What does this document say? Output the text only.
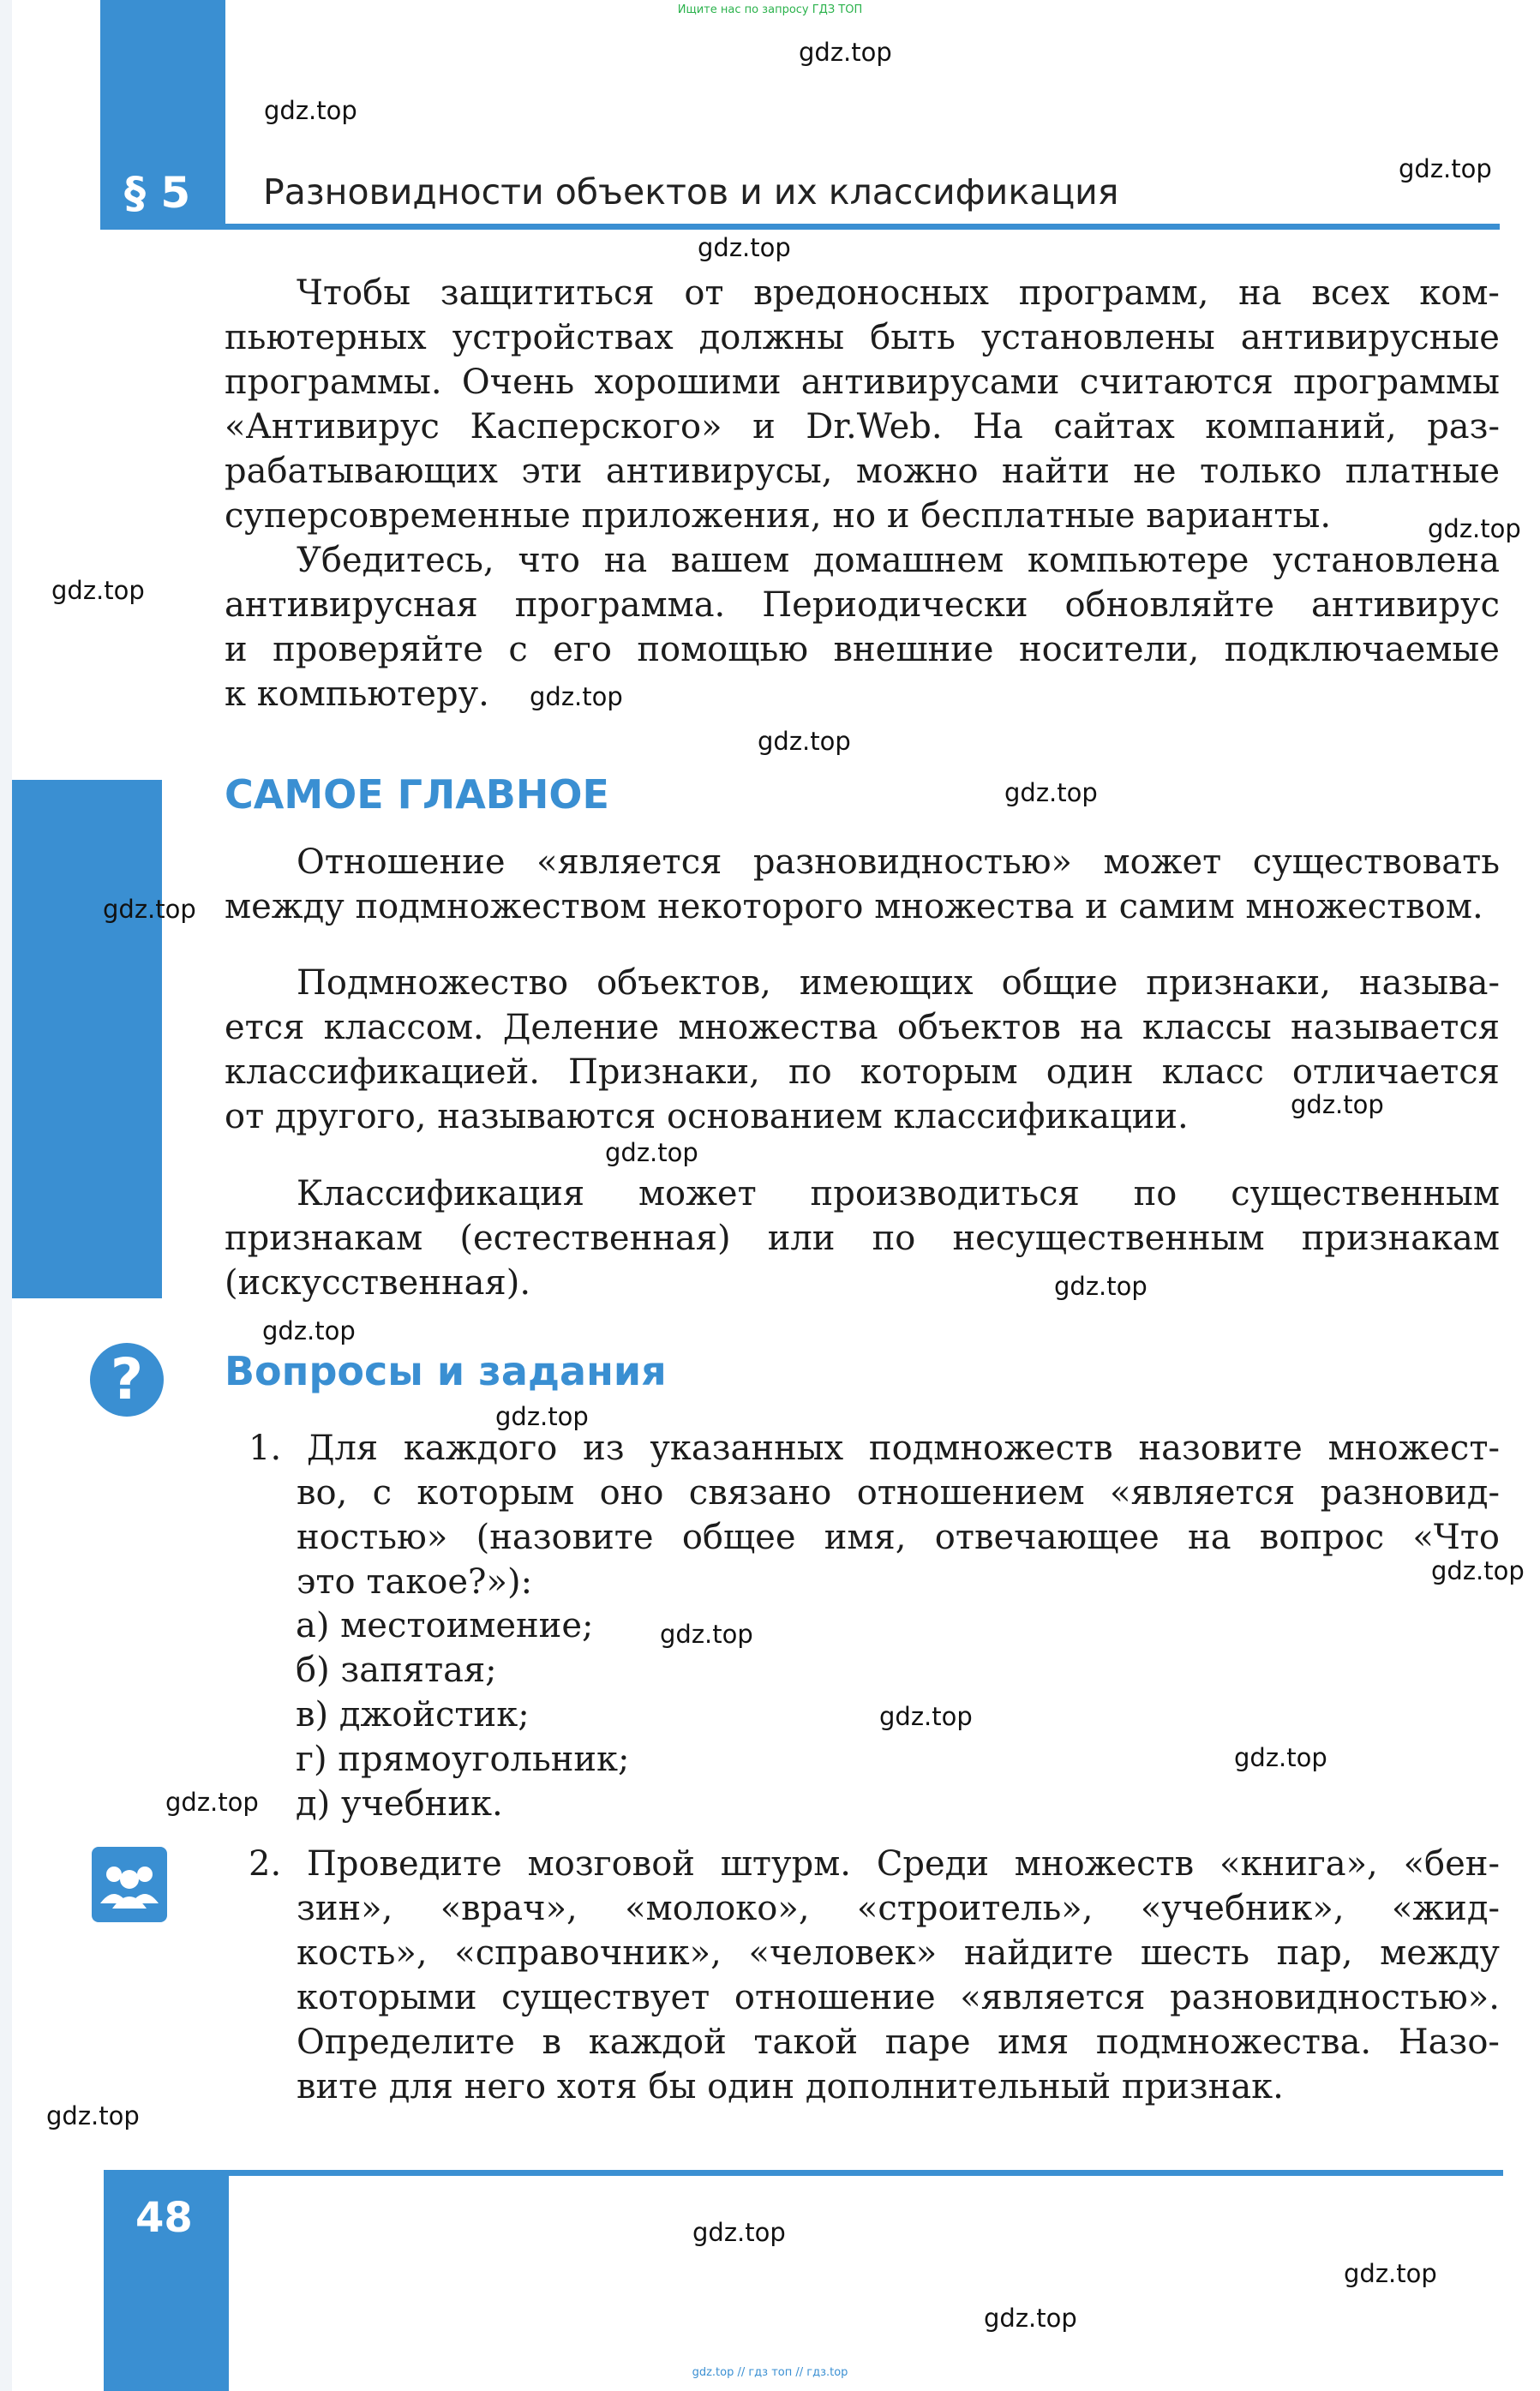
Ищите нас по запросу ГДЗ ТОП
§ 5 Разновидности объектов и их классификация
Чтобы защититься от вредоносных программ, на всех ком-
пьютерных устройствах должны быть установлены антивирусные
программы. Очень хорошими антивирусами считаются программы
«Антивирус Касперского» и Dr.Web. На сайтах компаний, раз-
рабатывающих эти антивирусы, можно найти не только платные
суперсовременные приложения, но и бесплатные варианты.
Убедитесь, что на вашем домашнем компьютере установлена
антивирусная программа. Периодически обновляйте антивирус
и проверяйте с его помощью внешние носители, подключаемые
к компьютеру.
САМОЕ ГЛАВНОЕ
Отношение «является разновидностью» может существовать
между подмножеством некоторого множества и самим множеством.
Подмножество объектов, имеющих общие признаки, называ-
ется классом. Деление множества объектов на классы называется
классификацией. Признаки, по которым один класс отличается
от другого, называются основанием классификации.
Классификация может производиться по существенным
признакам (естественная) или по несущественным признакам
(искусственная).
?	Вопросы и задания
1. Для каждого из указанных подмножеств назовите множест-
во, с которым оно связано отношением «является разновид-
ностью» (назовите общее имя, отвечающее на вопрос «Что
это такое?»):
а) местоимение;
б) запятая;
в) джойстик;
г) прямоугольник;
д) учебник.
2. Проведите мозговой штурм. Среди множеств «книга», «бен-
зин», «врач», «молоко», «строитель», «учебник», «жид-
кость», «справочник», «человек» найдите шесть пар, между
которыми существует отношение «является разновидностью».
Определите в каждой такой паре имя подмножества. Назо-
вите для него хотя бы один дополнительный признак.
48
gdz.top
gdz.top
gdz.top
gdz.top
gdz.top
gdz.top
gdz.top
gdz.top
gdz.top
gdz.top
gdz.top
gdz.top
gdz.top
gdz.top
gdz.top
gdz.top
gdz.top
gdz.top
gdz.top
gdz.top
gdz.top
gdz.top
gdz.top
gdz.top
gdz.top // гдз топ // гдз.top
